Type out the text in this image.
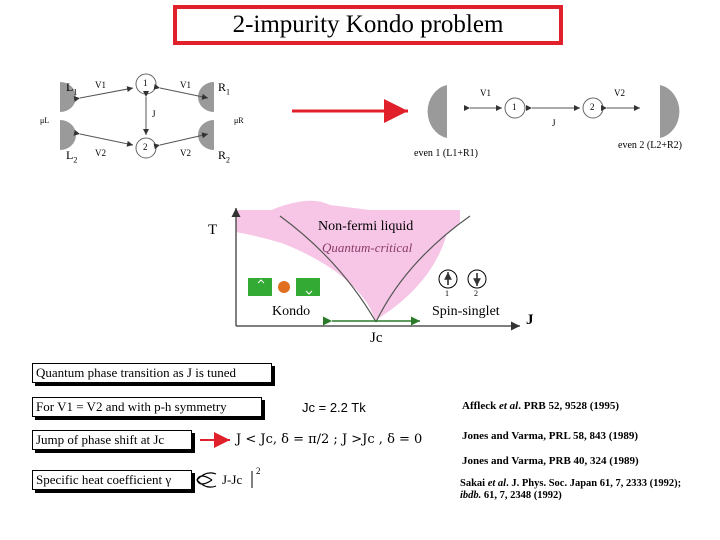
2-impurity Kondo problem
$L_1$
$L_2$
$R_1$
$R_2$
V1	V1
V2	V2
μL	μR
J
1
2
V1	V2
J
1	2
even 1 (L1+R1)
even 2 (L2+R2)
T
J
Non-fermi liquid
Quantum-critical
Kondo	Spin-singlet
Jc
1	2
Quantum phase transition as J is tuned
For V1 = V2 and with p-h symmetry	Jc = 2.2 Tk
Jump of phase shift at Jc	J < Jc, δ = π/2 ; J >Jc , δ = 0
Specific heat coefficient γ	J-Jc
2
Affleck et al. PRB 52, 9528 (1995)
Jones and Varma, PRL 58, 843 (1989)
Jones and Varma, PRB 40, 324 (1989)
Sakai et al. J. Phys. Soc. Japan 61, 7, 2333 (1992);
ibdb. 61, 7, 2348 (1992)
